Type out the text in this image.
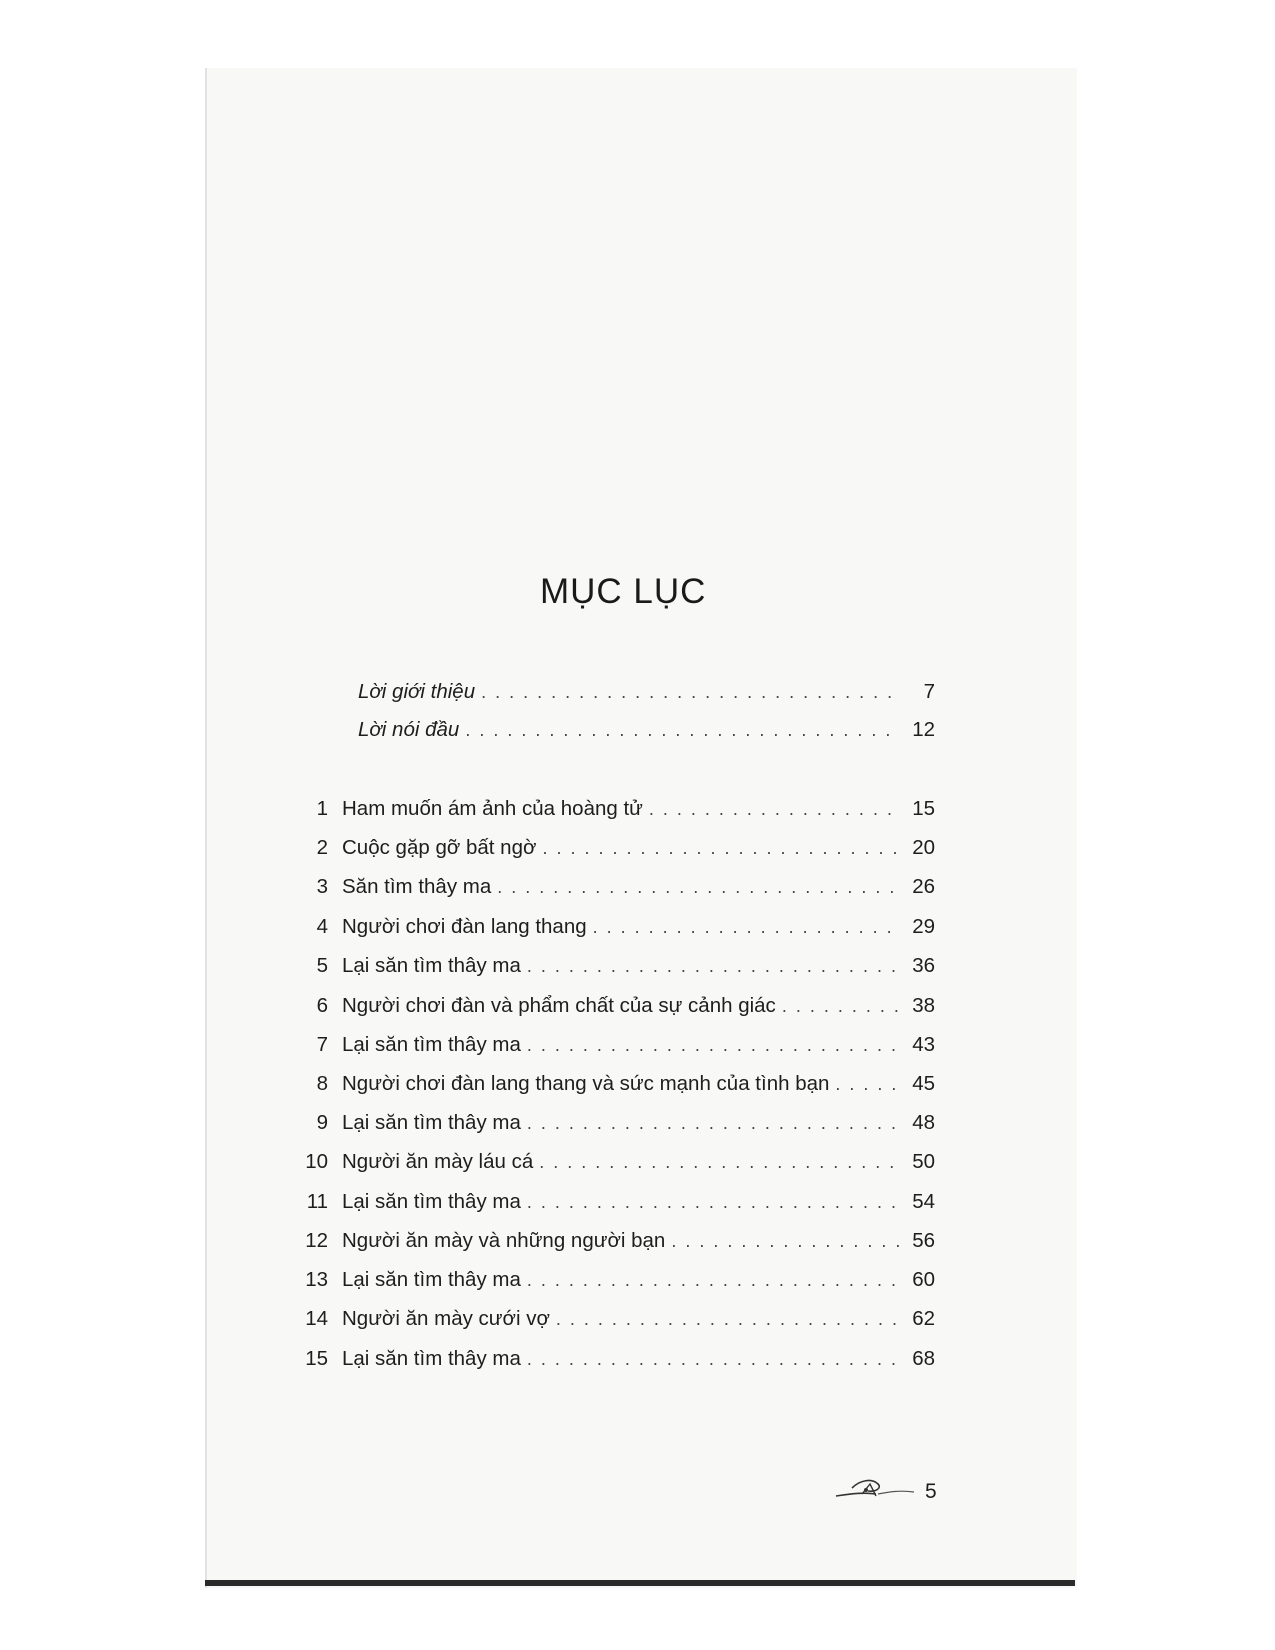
MỤC LỤC
Lời giới thiệu . . .	7
Lời nói đầu . . .	12
1 Ham muốn ám ảnh của hoàng tử . . .	15
2 Cuộc gặp gỡ bất ngờ . . .	20
3 Săn tìm thây ma . . .	26
4 Người chơi đàn lang thang . . .	29
5 Lại săn tìm thây ma . . .	36
6 Người chơi đàn và phẩm chất của sự cảnh giác . . .	38
7 Lại săn tìm thây ma . . .	43
8 Người chơi đàn lang thang và sức mạnh của tình bạn . . .	45
9 Lại săn tìm thây ma . . .	48
10 Người ăn mày láu cá . . .	50
11 Lại săn tìm thây ma . . .	54
12 Người ăn mày và những người bạn . . .	56
13 Lại săn tìm thây ma . . .	60
14 Người ăn mày cưới vợ . . .	62
15 Lại săn tìm thây ma . . .	68
5
